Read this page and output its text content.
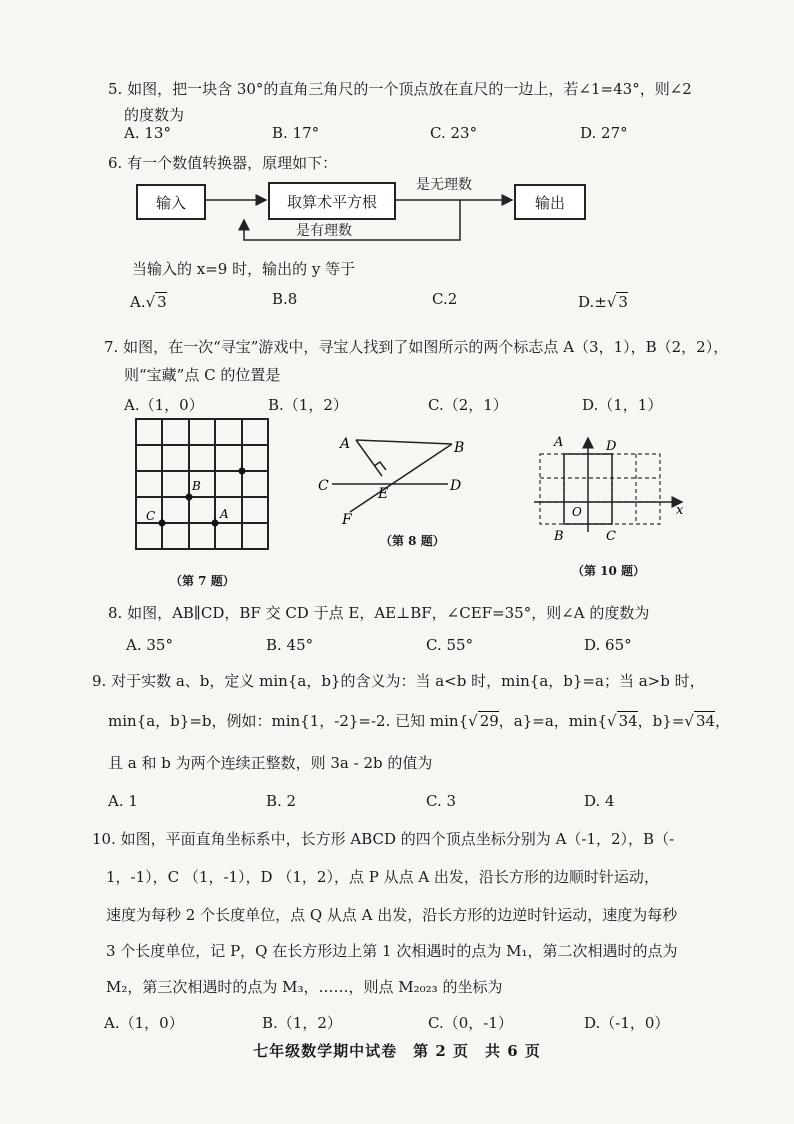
5. 如图，把一块含 30°的直角三角尺的一个顶点放在直尺的一边上，若∠1=43°，则∠2
的度数为
A. 13°	B. 17°	C. 23°	D. 27°
6. 有一个数值转换器，原理如下：
输入	取算术平方根	输出
是无理数
是有理数
当输入的 x=9 时，输出的 y 等于
A.√ 3	B.8	C.2	D.±√ 3
7. 如图，在一次“寻宝”游戏中，寻宝人找到了如图所示的两个标志点 A（3，1），B（2，2），
则“宝藏”点 C 的位置是
A.（1，0）	B.（1，2）	C.（2，1）	D.（1，1）
B
C	A
（第 7 题）
A	B
C	D
E
F
（第 8 题）
A	D
B	C
O	x
（第 10 题）
8. 如图，AB∥CD，BF 交 CD 于点 E，AE⊥BF，∠CEF=35°，则∠A 的度数为
A. 35°	B. 45°	C. 55°	D. 65°
9. 对于实数 a、b，定义 min{a，b}的含义为：当 a<b 时，min{a，b}=a；当 a>b 时，
min{a，b}=b，例如：min{1，-2}=-2. 已知 min{√ 29，a}=a，min{√ 34，b}=√ 34，
且 a 和 b 为两个连续正整数，则 3a - 2b 的值为
A. 1	B. 2	C. 3	D. 4
10. 如图，平面直角坐标系中，长方形 ABCD 的四个顶点坐标分别为 A（-1，2），B（-
1，-1），C （1，-1），D （1，2），点 P 从点 A 出发，沿长方形的边顺时针运动，
速度为每秒 2 个长度单位，点 Q 从点 A 出发，沿长方形的边逆时针运动，速度为每秒
3 个长度单位，记 P，Q 在长方形边上第 1 次相遇时的点为 M₁，第二次相遇时的点为
M₂，第三次相遇时的点为 M₃，……，则点 M₂₀₂₃ 的坐标为
A.（1，0）	B.（1，2）	C.（0，-1）	D.（-1，0）
七年级数学期中试卷　第 2 页　共 6 页
